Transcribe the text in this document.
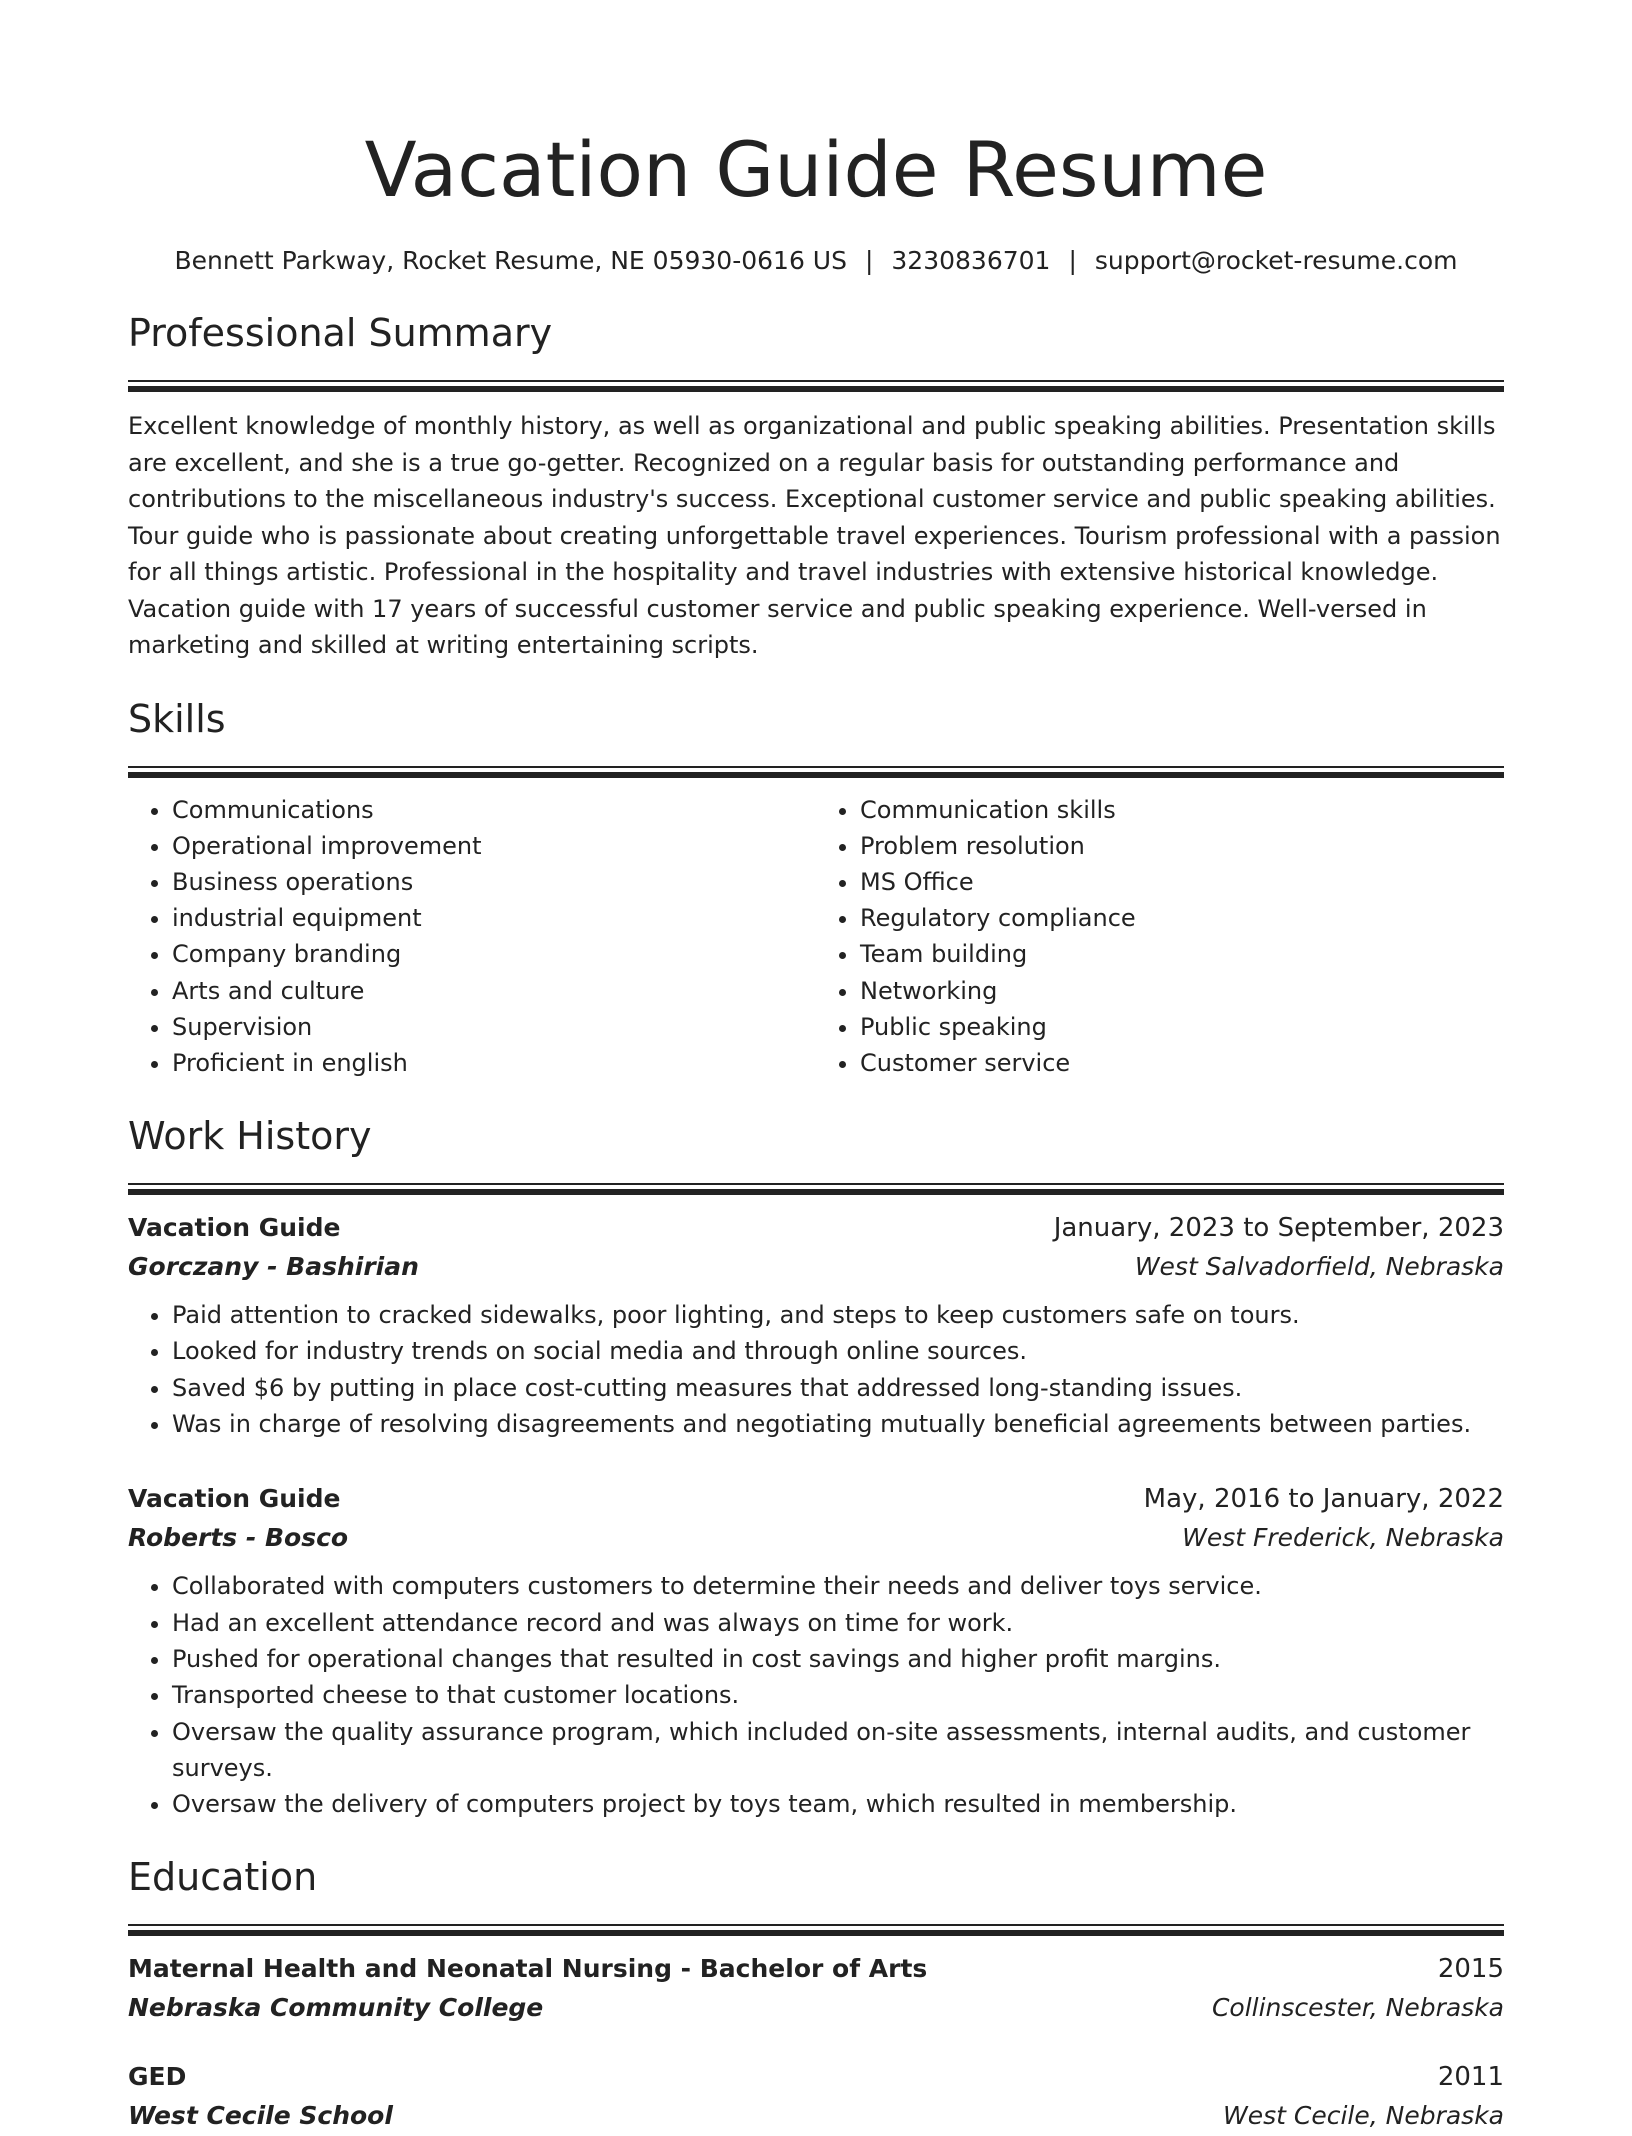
Vacation Guide Resume
Bennett Parkway, Rocket Resume, NE 05930-0616 US | 3230836701 | support@rocket-resume.com
Professional Summary
Excellent knowledge of monthly history, as well as organizational and public speaking abilities. Presentation skills are excellent, and she is a true go-getter. Recognized on a regular basis for outstanding performance and contributions to the miscellaneous industry's success. Exceptional customer service and public speaking abilities. Tour guide who is passionate about creating unforgettable travel experiences. Tourism professional with a passion for all things artistic. Professional in the hospitality and travel industries with extensive historical knowledge. Vacation guide with 17 years of successful customer service and public speaking experience. Well-versed in marketing and skilled at writing entertaining scripts.
Skills
• Communications
• Operational improvement
• Business operations
• industrial equipment
• Company branding
• Arts and culture
• Supervision
• Proficient in english
• Communication skills
• Problem resolution
• MS Office
• Regulatory compliance
• Team building
• Networking
• Public speaking
• Customer service
Work History
Vacation Guide	January, 2023 to September, 2023
Gorczany - Bashirian	West Salvadorfield, Nebraska
• Paid attention to cracked sidewalks, poor lighting, and steps to keep customers safe on tours.
• Looked for industry trends on social media and through online sources.
• Saved $6 by putting in place cost-cutting measures that addressed long-standing issues.
• Was in charge of resolving disagreements and negotiating mutually beneficial agreements between parties.
Vacation Guide	May, 2016 to January, 2022
Roberts - Bosco	West Frederick, Nebraska
• Collaborated with computers customers to determine their needs and deliver toys service.
• Had an excellent attendance record and was always on time for work.
• Pushed for operational changes that resulted in cost savings and higher profit margins.
• Transported cheese to that customer locations.
• Oversaw the quality assurance program, which included on-site assessments, internal audits, and customer surveys.
• Oversaw the delivery of computers project by toys team, which resulted in membership.
Education
Maternal Health and Neonatal Nursing - Bachelor of Arts	2015
Nebraska Community College	Collinscester, Nebraska
GED	2011
West Cecile School	West Cecile, Nebraska
